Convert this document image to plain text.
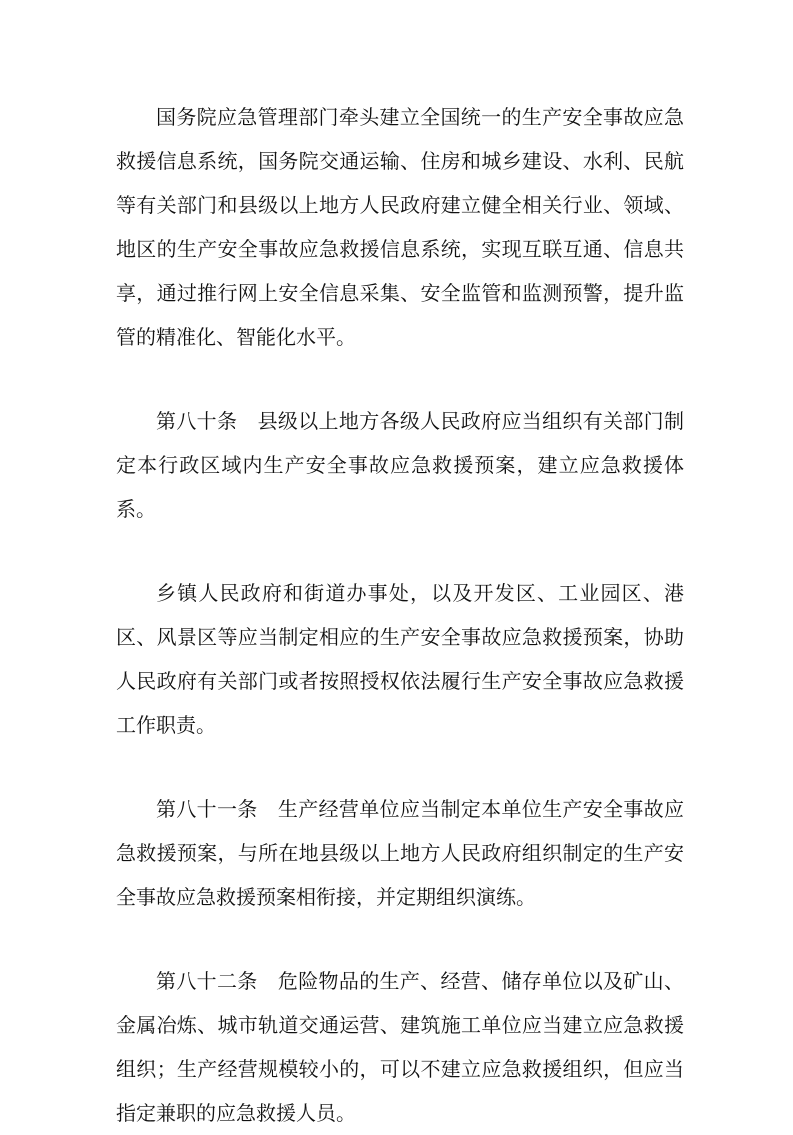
国务院应急管理部门牵头建立全国统一的生产安全事故应急救援信息系统，国务院交通运输、住房和城乡建设、水利、民航等有关部门和县级以上地方人民政府建立健全相关行业、领域、地区的生产安全事故应急救援信息系统，实现互联互通、信息共享，通过推行网上安全信息采集、安全监管和监测预警，提升监管的精准化、智能化水平。

第八十条　县级以上地方各级人民政府应当组织有关部门制定本行政区域内生产安全事故应急救援预案，建立应急救援体系。

乡镇人民政府和街道办事处，以及开发区、工业园区、港区、风景区等应当制定相应的生产安全事故应急救援预案，协助人民政府有关部门或者按照授权依法履行生产安全事故应急救援工作职责。

第八十一条　生产经营单位应当制定本单位生产安全事故应急救援预案，与所在地县级以上地方人民政府组织制定的生产安全事故应急救援预案相衔接，并定期组织演练。

第八十二条　危险物品的生产、经营、储存单位以及矿山、金属冶炼、城市轨道交通运营、建筑施工单位应当建立应急救援组织；生产经营规模较小的，可以不建立应急救援组织，但应当指定兼职的应急救援人员。
